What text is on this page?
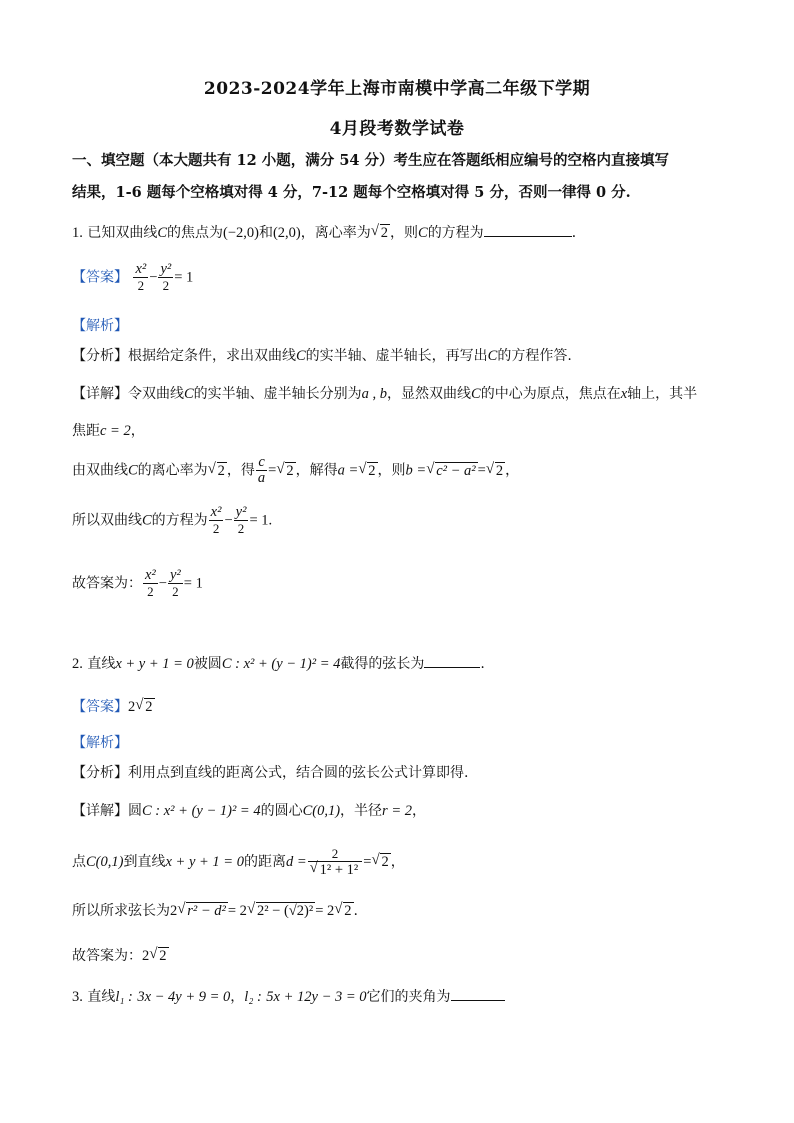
2023-2024学年上海市南模中学高二年级下学期
4月段考数学试卷
一、填空题（本大题共有 12 小题，满分 54 分）考生应在答题纸相应编号的空格内直接填写
结果，1-6 题每个空格填对得 4 分，7-12 题每个空格填对得 5 分，否则一律得 0 分.
1. 已知双曲线C的焦点为(−2,0)和(2,0)，离心率为 √ 2 ，则C的方程为	．
【答案】 $\frac{\text{x²}}{2} - \frac{\text{y²}}{2} = 1$
【解析】
【分析】根据给定条件，求出双曲线C的实半轴、虚半轴长，再写出C的方程作答.
【详解】令双曲线C的实半轴、虚半轴长分别为a , b，显然双曲线C的中心为原点，焦点在x轴上，其半
焦距c = 2，
由双曲线C的离心率为 √ 2 ，得 $\frac{c}{a}$ = √ 2 ，解得a = √ 2 ，则b = √ c² − a² = √ 2 ，
所以双曲线C的方程为 $\frac{\text{x²}}{2} - \frac{\text{y²}}{2} = 1$.
故答案为： $\frac{\text{x²}}{2} - \frac{\text{y²}}{2} = 1$
2. 直线x + y + 1 = 0被圆C : x² + (y − 1)² = 4截得的弦长为	.
【答案】2 √ 2
【解析】
【分析】利用点到直线的距离公式，结合圆的弦长公式计算即得.
【详解】圆C : x² + (y − 1)² = 4的圆心C(0,1)，半径r = 2，
点C(0,1)到直线x + y + 1 = 0的距离d = 2
√ 1² + 1² = √ 2 ，
所以所求弦长为2 √ r² − d² = 2 √ 2² − (√2)² = 2 √ 2 .
故答案为：2 √ 2
3. 直线l₁ : 3x − 4y + 9 = 0，l₂ : 5x + 12y − 3 = 0它们的夹角为
